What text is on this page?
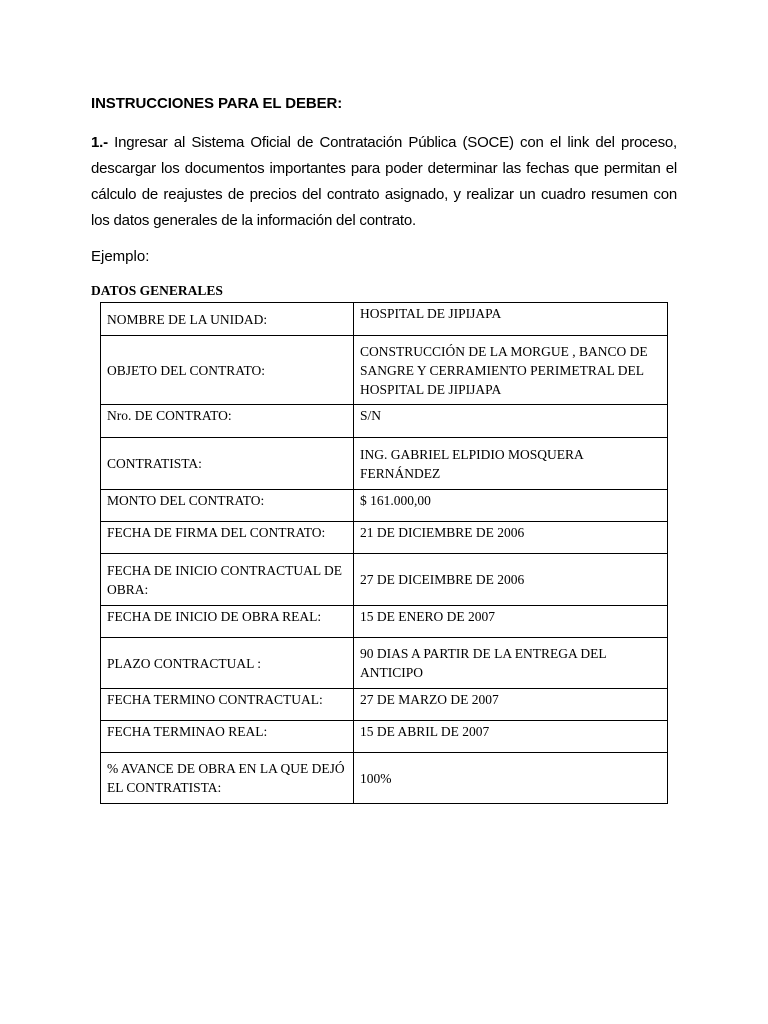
INSTRUCCIONES PARA EL DEBER:
1.- Ingresar al Sistema Oficial de Contratación Pública (SOCE) con el link del proceso, descargar los documentos importantes para poder determinar las fechas que permitan el cálculo de reajustes de precios del contrato asignado, y realizar un cuadro resumen con los datos generales de la información del contrato.
Ejemplo:
DATOS GENERALES
NOMBRE DE LA UNIDAD:	HOSPITAL DE JIPIJAPA
OBJETO DEL CONTRATO:	CONSTRUCCIÓN DE LA MORGUE , BANCO DE SANGRE Y CERRAMIENTO PERIMETRAL DEL HOSPITAL DE JIPIJAPA
Nro. DE CONTRATO:	S/N
CONTRATISTA:	ING. GABRIEL ELPIDIO MOSQUERA FERNÁNDEZ
MONTO DEL CONTRATO:	$ 161.000,00
FECHA DE FIRMA DEL CONTRATO:	21 DE DICIEMBRE DE 2006
FECHA DE INICIO CONTRACTUAL DE OBRA:	27 DE DICEIMBRE DE 2006
FECHA DE INICIO DE OBRA REAL:	15 DE ENERO DE 2007
PLAZO CONTRACTUAL :	90 DIAS A PARTIR DE LA ENTREGA DEL ANTICIPO
FECHA TERMINO CONTRACTUAL:	27 DE MARZO DE 2007
FECHA TERMINAO REAL:	15 DE ABRIL DE 2007
% AVANCE DE OBRA EN LA QUE DEJÓ EL CONTRATISTA:	100%
